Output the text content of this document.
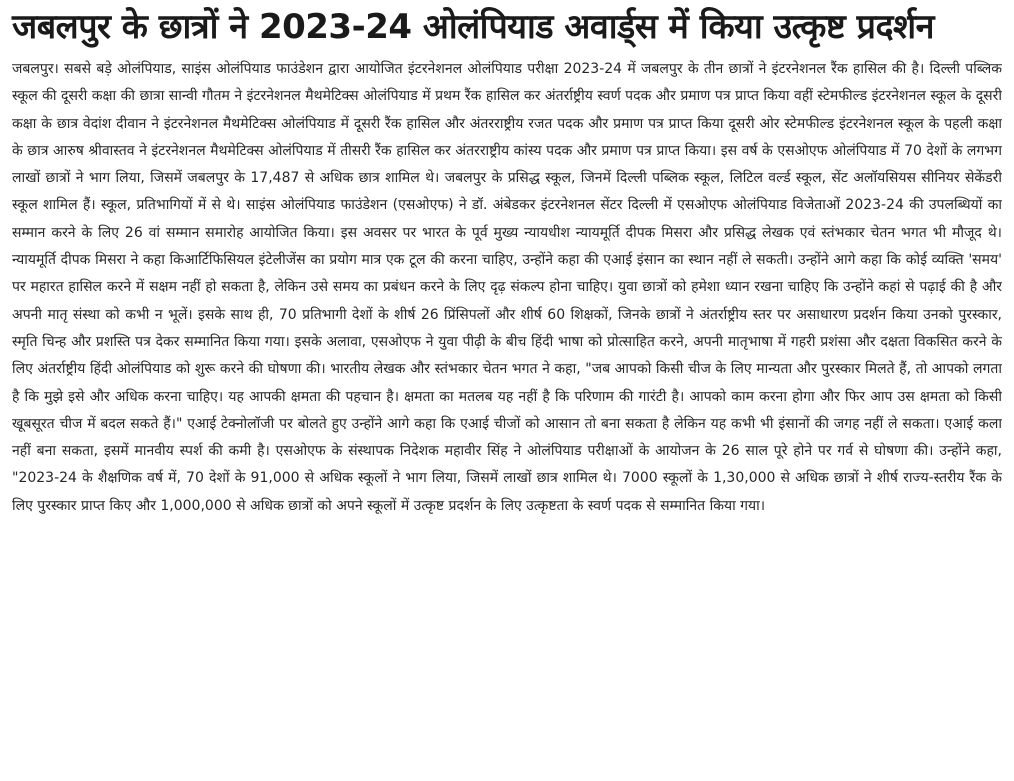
जबलपुर के छात्रों ने 2023-24 ओलंपियाड अवार्ड्स में किया उत्कृष्ट प्रदर्शन

जबलपुर। सबसे बड़े ओलंपियाड, साइंस ओलंपियाड फाउंडेशन द्वारा आयोजित इंटरनेशनल ओलंपियाड परीक्षा 2023-24 में जबलपुर के तीन छात्रों ने इंटरनेशनल रैंक हासिल की है। दिल्ली पब्लिक स्कूल की दूसरी कक्षा की छात्रा सान्वी गौतम ने इंटरनेशनल मैथमेटिक्स ओलंपियाड में प्रथम रैंक हासिल कर अंतर्राष्ट्रीय स्वर्ण पदक और प्रमाण पत्र प्राप्त किया वहीं स्टेमफील्ड इंटरनेशनल स्कूल के दूसरी कक्षा के छात्र वेदांश दीवान ने इंटरनेशनल मैथमेटिक्स ओलंपियाड में दूसरी रैंक हासिल और अंतरराष्ट्रीय रजत पदक और प्रमाण पत्र प्राप्त किया दूसरी ओर स्टेमफील्ड इंटरनेशनल स्कूल के पहली कक्षा के छात्र आरुष श्रीवास्तव ने इंटरनेशनल मैथमेटिक्स ओलंपियाड में तीसरी रैंक हासिल कर अंतरराष्ट्रीय कांस्य पदक और प्रमाण पत्र प्राप्त किया। इस वर्ष के एसओएफ ओलंपियाड में 70 देशों के लगभग लाखों छात्रों ने भाग लिया, जिसमें जबलपुर के 17,487 से अधिक छात्र शामिल थे। जबलपुर के प्रसिद्ध स्कूल, जिनमें दिल्ली पब्लिक स्कूल, लिटिल वर्ल्ड स्कूल, सेंट अलॉयसियस सीनियर सेकेंडरी स्कूल शामिल हैं। स्कूल, प्रतिभागियों में से थे। साइंस ओलंपियाड फाउंडेशन (एसओएफ) ने डॉ. अंबेडकर इंटरनेशनल सेंटर दिल्ली में एसओएफ ओलंपियाड विजेताओं 2023-24 की उपलब्धियों का सम्मान करने के लिए 26 वां सम्मान समारोह आयोजित किया। इस अवसर पर भारत के पूर्व मुख्य न्यायधीश न्यायमूर्ति दीपक मिसरा और प्रसिद्ध लेखक एवं स्तंभकार चेतन भगत भी मौजूद थे। न्यायमूर्ति दीपक मिसरा ने कहा किआर्टिफिसियल इंटेलीजेंस का प्रयोग मात्र एक टूल की करना चाहिए, उन्होंने कहा की एआई इंसान का स्थान नहीं ले सकती। उन्होंने आगे कहा कि कोई व्यक्ति 'समय' पर महारत हासिल करने में सक्षम नहीं हो सकता है, लेकिन उसे समय का प्रबंधन करने के लिए दृढ़ संकल्प होना चाहिए। युवा छात्रों को हमेशा ध्यान रखना चाहिए कि उन्होंने कहां से पढ़ाई की है और अपनी मातृ संस्था को कभी न भूलें। इसके साथ ही, 70 प्रतिभागी देशों के शीर्ष 26 प्रिंसिपलों और शीर्ष 60 शिक्षकों, जिनके छात्रों ने अंतर्राष्ट्रीय स्तर पर असाधारण प्रदर्शन किया उनको पुरस्कार, स्मृति चिन्ह और प्रशस्ति पत्र देकर सम्मानित किया गया। इसके अलावा, एसओएफ ने युवा पीढ़ी के बीच हिंदी भाषा को प्रोत्साहित करने, अपनी मातृभाषा में गहरी प्रशंसा और दक्षता विकसित करने के लिए अंतर्राष्ट्रीय हिंदी ओलंपियाड को शुरू करने की घोषणा की। भारतीय लेखक और स्तंभकार चेतन भगत ने कहा, "जब आपको किसी चीज के लिए मान्यता और पुरस्कार मिलते हैं, तो आपको लगता है कि मुझे इसे और अधिक करना चाहिए। यह आपकी क्षमता की पहचान है। क्षमता का मतलब यह नहीं है कि परिणाम की गारंटी है। आपको काम करना होगा और फिर आप उस क्षमता को किसी खूबसूरत चीज में बदल सकते हैं।" एआई टेक्नोलॉजी पर बोलते हुए उन्होंने आगे कहा कि एआई चीजों को आसान तो बना सकता है लेकिन यह कभी भी इंसानों की जगह नहीं ले सकता। एआई कला नहीं बना सकता, इसमें मानवीय स्पर्श की कमी है। एसओएफ के संस्थापक निदेशक महावीर सिंह ने ओलंपियाड परीक्षाओं के आयोजन के 26 साल पूरे होने पर गर्व से घोषणा की। उन्होंने कहा, "2023-24 के शैक्षणिक वर्ष में, 70 देशों के 91,000 से अधिक स्कूलों ने भाग लिया, जिसमें लाखों छात्र शामिल थे। 7000 स्कूलों के 1,30,000 से अधिक छात्रों ने शीर्ष राज्य-स्तरीय रैंक के लिए पुरस्कार प्राप्त किए और 1,000,000 से अधिक छात्रों को अपने स्कूलों में उत्कृष्ट प्रदर्शन के लिए उत्कृष्टता के स्वर्ण पदक से सम्मानित किया गया।
